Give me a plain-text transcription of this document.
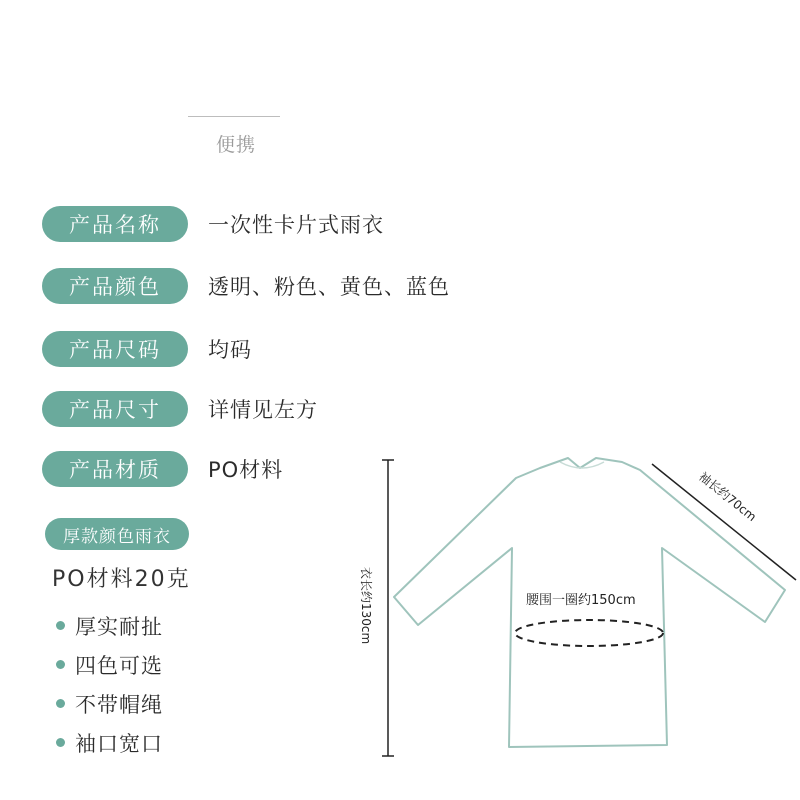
便携
产品名称	一次性卡片式雨衣
产品颜色	透明、粉色、黄色、蓝色
产品尺码	均码
产品尺寸	详情见左方
产品材质	PO材料
厚款颜色雨衣
PO材料20克
厚实耐扯
四色可选
不带帽绳
袖口宽口
衣长约130cm
袖长约70cm
腰围一圈约150cm
